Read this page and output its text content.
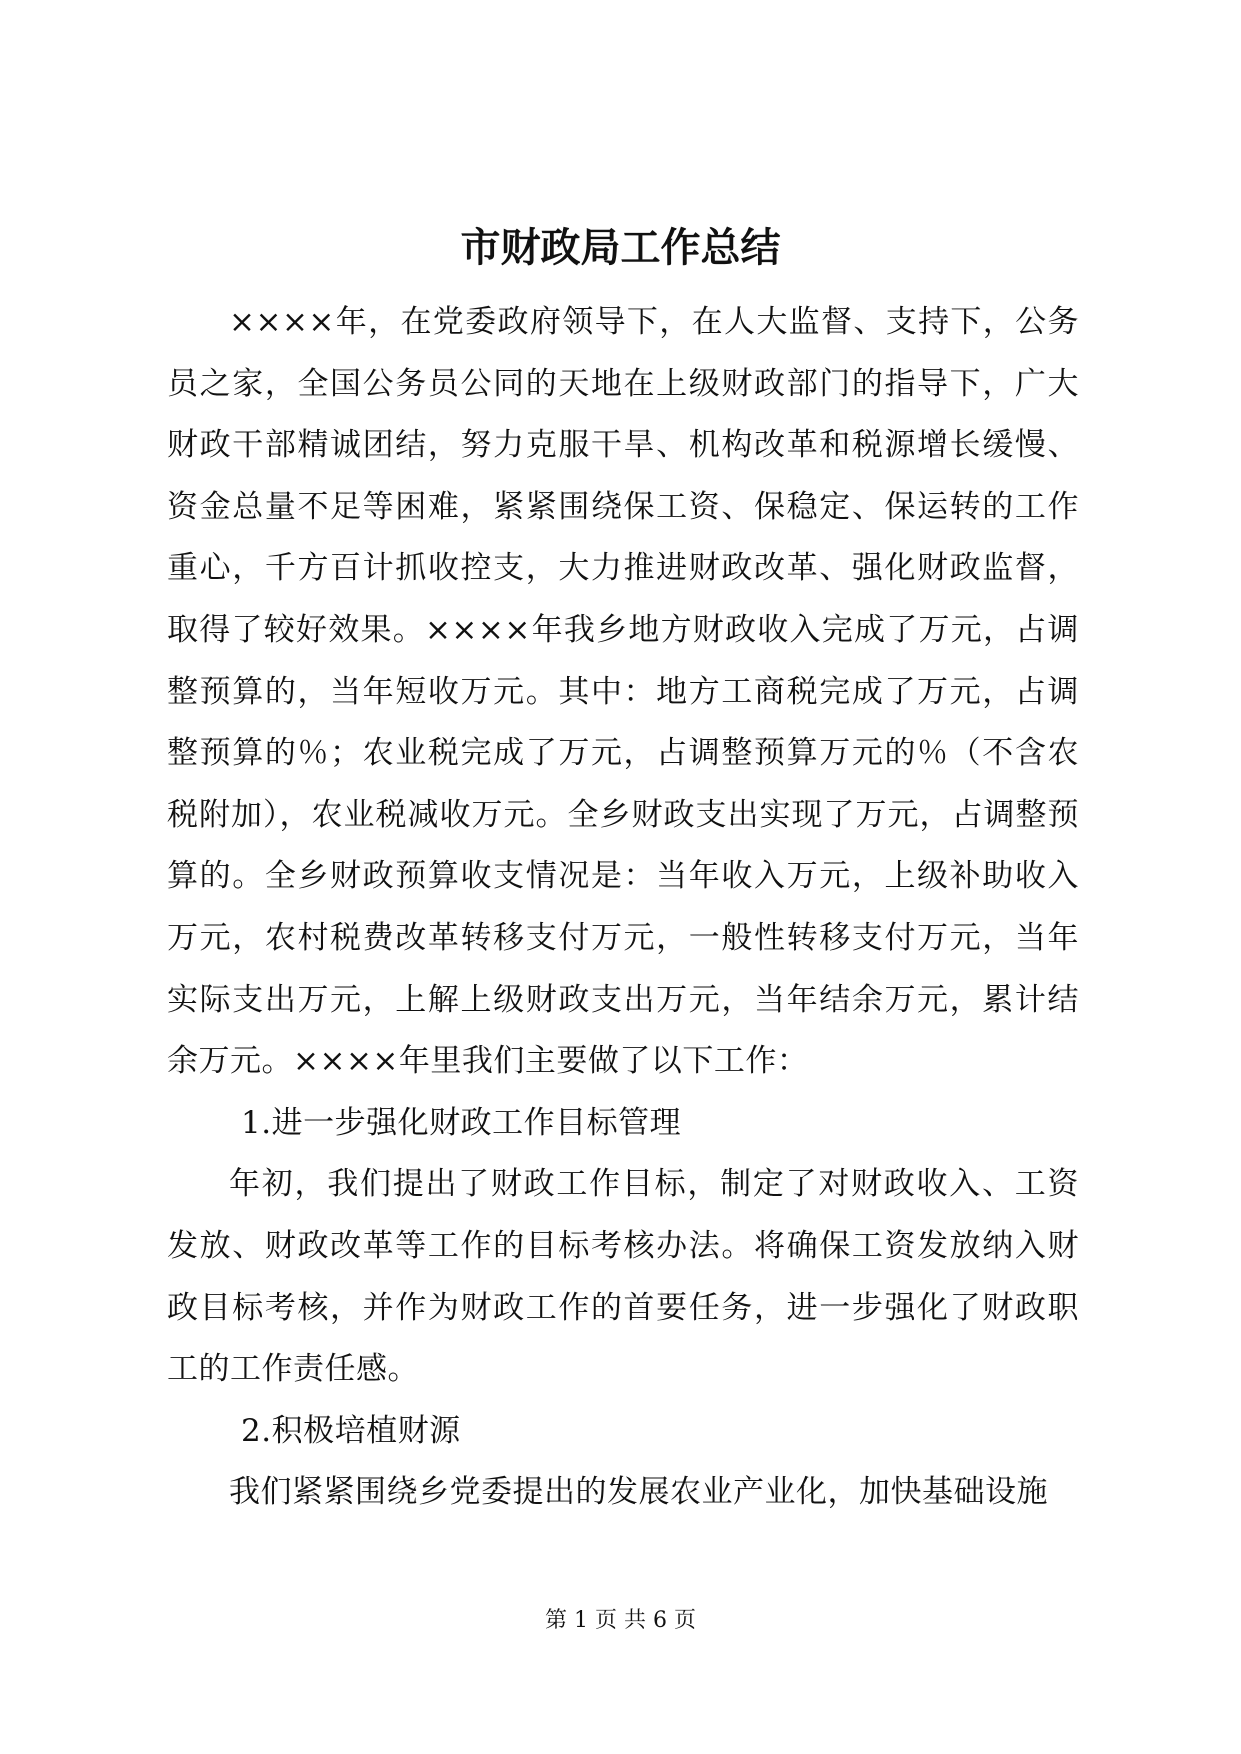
市财政局工作总结

××××年，在党委政府领导下，在人大监督、支持下，公务员之家，全国公务员公同的天地在上级财政部门的指导下，广大财政干部精诚团结，努力克服干旱、机构改革和税源增长缓慢、资金总量不足等困难，紧紧围绕保工资、保稳定、保运转的工作重心，千方百计抓收控支，大力推进财政改革、强化财政监督，取得了较好效果。××××年我乡地方财政收入完成了万元，占调整预算的，当年短收万元。其中：地方工商税完成了万元，占调整预算的％；农业税完成了万元，占调整预算万元的％（不含农税附加），农业税减收万元。全乡财政支出实现了万元，占调整预算的。全乡财政预算收支情况是：当年收入万元，上级补助收入万元，农村税费改革转移支付万元，一般性转移支付万元，当年实际支出万元，上解上级财政支出万元，当年结余万元，累计结余万元。××××年里我们主要做了以下工作：

1.进一步强化财政工作目标管理

年初，我们提出了财政工作目标，制定了对财政收入、工资发放、财政改革等工作的目标考核办法。将确保工资发放纳入财政目标考核，并作为财政工作的首要任务，进一步强化了财政职工的工作责任感。

2.积极培植财源

我们紧紧围绕乡党委提出的发展农业产业化，加快基础设施

第 1 页 共 6 页
